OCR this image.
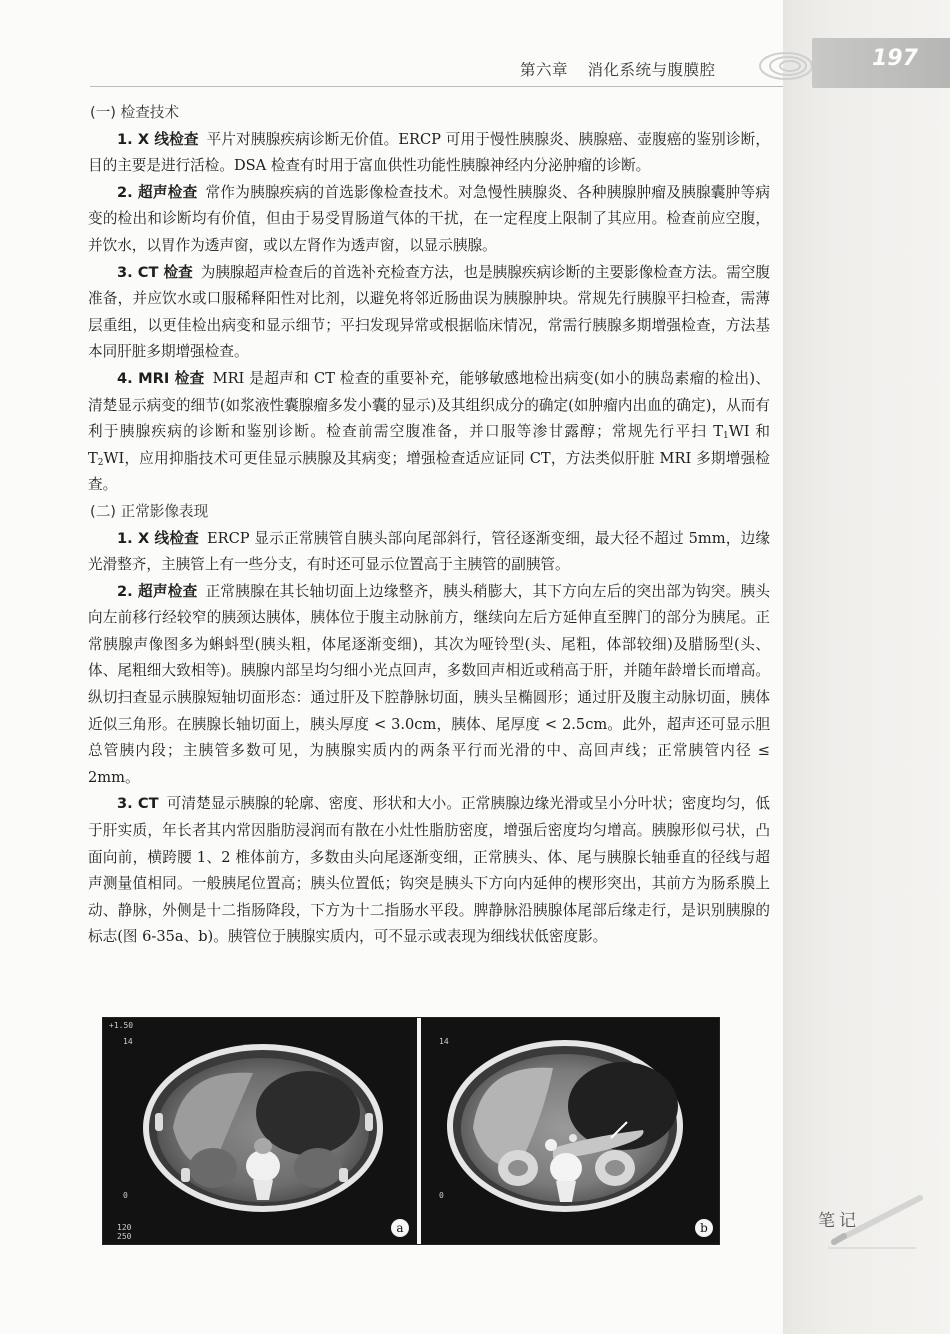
第六章 消化系统与腹膜腔	197

(一) 检查技术

1. X 线检查 平片对胰腺疾病诊断无价值。ERCP 可用于慢性胰腺炎、胰腺癌、壶腹癌的鉴别诊断，目的主要是进行活检。DSA 检查有时用于富血供性功能性胰腺神经内分泌肿瘤的诊断。

2. 超声检查 常作为胰腺疾病的首选影像检查技术。对急慢性胰腺炎、各种胰腺肿瘤及胰腺囊肿等病变的检出和诊断均有价值，但由于易受胃肠道气体的干扰，在一定程度上限制了其应用。检查前应空腹，并饮水，以胃作为透声窗，或以左肾作为透声窗，以显示胰腺。

3. CT 检查 为胰腺超声检查后的首选补充检查方法，也是胰腺疾病诊断的主要影像检查方法。需空腹准备，并应饮水或口服稀释阳性对比剂，以避免将邻近肠曲误为胰腺肿块。常规先行胰腺平扫检查，需薄层重组，以更佳检出病变和显示细节；平扫发现异常或根据临床情况，常需行胰腺多期增强检查，方法基本同肝脏多期增强检查。

4. MRI 检查 MRI 是超声和 CT 检查的重要补充，能够敏感地检出病变(如小的胰岛素瘤的检出)、清楚显示病变的细节(如浆液性囊腺瘤多发小囊的显示)及其组织成分的确定(如肿瘤内出血的确定)，从而有利于胰腺疾病的诊断和鉴别诊断。检查前需空腹准备，并口服等渗甘露醇；常规先行平扫 $T_1WI$ 和 $T_2WI$，应用抑脂技术可更佳显示胰腺及其病变；增强检查适应证同 CT，方法类似肝脏 MRI 多期增强检查。

(二) 正常影像表现

1. X 线检查 ERCP 显示正常胰管自胰头部向尾部斜行，管径逐渐变细，最大径不超过 5mm，边缘光滑整齐，主胰管上有一些分支，有时还可显示位置高于主胰管的副胰管。

2. 超声检查 正常胰腺在其长轴切面上边缘整齐，胰头稍膨大，其下方向左后的突出部为钩突。胰头向左前移行经较窄的胰颈达胰体，胰体位于腹主动脉前方，继续向左后方延伸直至脾门的部分为胰尾。正常胰腺声像图多为蝌蚪型(胰头粗，体尾逐渐变细)，其次为哑铃型(头、尾粗，体部较细)及腊肠型(头、体、尾粗细大致相等)。胰腺内部呈均匀细小光点回声，多数回声相近或稍高于肝，并随年龄增长而增高。纵切扫查显示胰腺短轴切面形态：通过肝及下腔静脉切面，胰头呈椭圆形；通过肝及腹主动脉切面，胰体近似三角形。在胰腺长轴切面上，胰头厚度 < 3.0cm，胰体、尾厚度 < 2.5cm。此外，超声还可显示胆总管胰内段；主胰管多数可见，为胰腺实质内的两条平行而光滑的中、高回声线；正常胰管内径 ≤ 2mm。

3. CT 可清楚显示胰腺的轮廓、密度、形状和大小。正常胰腺边缘光滑或呈小分叶状；密度均匀，低于肝实质，年长者其内常因脂肪浸润而有散在小灶性脂肪密度，增强后密度均匀增高。胰腺形似弓状，凸面向前，横跨腰 1、2 椎体前方，多数由头向尾逐渐变细，正常胰头、体、尾与胰腺长轴垂直的径线与超声测量值相同。一般胰尾位置高；胰头位置低；钩突是胰头下方向内延伸的楔形突出，其前方为肠系膜上动、静脉，外侧是十二指肠降段，下方为十二指肠水平段。脾静脉沿胰腺体尾部后缘走行，是识别胰腺的标志(图 6-35a、b)。胰管位于胰腺实质内，可不显示或表现为细线状低密度影。

+1.50
14
0
120
250
a
14
0
b	笔记
